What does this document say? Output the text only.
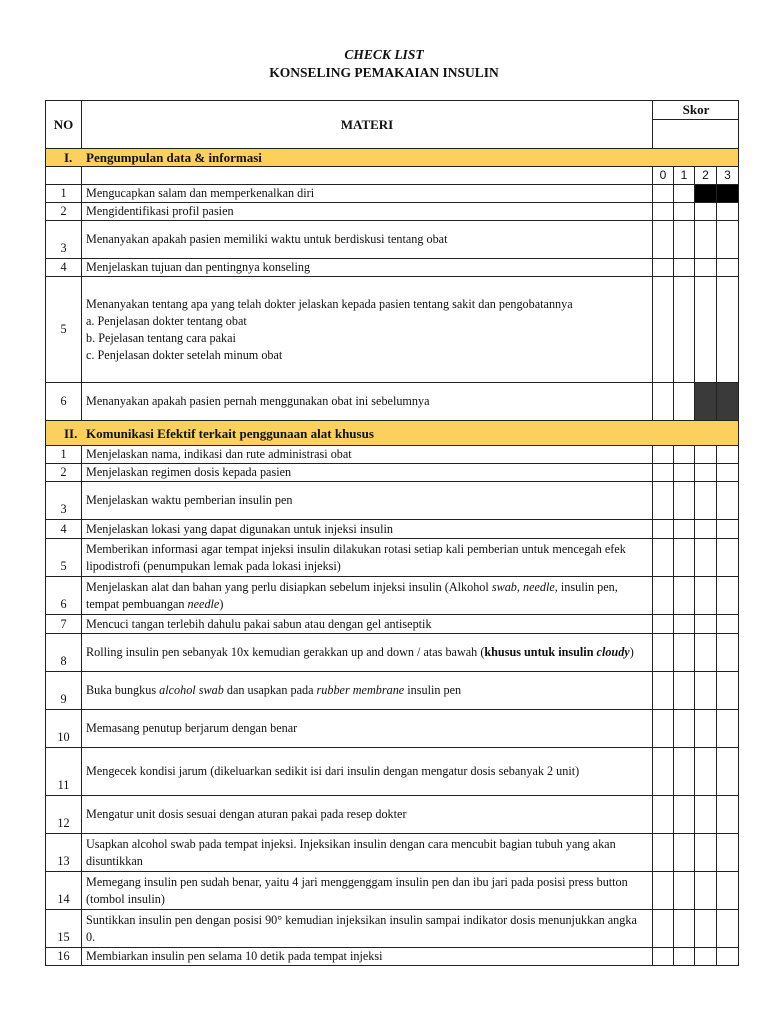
CHECK LIST
KONSELING PEMAKAIAN INSULIN
NO	MATERI	Skor			

I. Pengumpulan data & informasi					
		0	1	2	3
1	Mengucapkan salam dan memperkenalkan diri				
2	Mengidentifikasi profil pasien				
3	Menanyakan apakah pasien memiliki waktu untuk berdiskusi tentang obat				
4	Menjelaskan tujuan dan pentingnya konseling				
5	Menanyakan tentang apa yang telah dokter jelaskan kepada pasien tentang sakit dan pengobatannya
a. Penjelasan dokter tentang obat
b. Pejelasan tentang cara pakai
c. Penjelasan dokter setelah minum obat				

6	Menanyakan apakah pasien pernah menggunakan obat ini sebelumnya				
II. Komunikasi Efektif terkait penggunaan alat khusus					
1	Menjelaskan nama, indikasi dan rute administrasi obat				
2	Menjelaskan regimen dosis kepada pasien				
3	Menjelaskan waktu pemberian insulin pen				
4	Menjelaskan lokasi yang dapat digunakan untuk injeksi insulin				
5	Memberikan informasi agar tempat injeksi insulin dilakukan rotasi setiap kali pemberian untuk mencegah efek lipodistrofi (penumpukan lemak pada lokasi injeksi)				
6	Menjelaskan alat dan bahan yang perlu disiapkan sebelum injeksi insulin (Alkohol swab, needle, insulin pen, tempat pembuangan needle)				
7	Mencuci tangan terlebih dahulu pakai sabun atau dengan gel antiseptik				
8	Rolling insulin pen sebanyak 10x kemudian gerakkan up and down / atas bawah (khusus untuk insulin cloudy)				
9	Buka bungkus alcohol swab dan usapkan pada rubber membrane insulin pen				
10	Memasang penutup berjarum dengan benar				
11	Mengecek kondisi jarum (dikeluarkan sedikit isi dari insulin dengan mengatur dosis sebanyak 2 unit)				
12	Mengatur unit dosis sesuai dengan aturan pakai pada resep dokter				
13	Usapkan alcohol swab pada tempat injeksi. Injeksikan insulin dengan cara mencubit bagian tubuh yang akan disuntikkan				
14	Memegang insulin pen sudah benar, yaitu 4 jari menggenggam insulin pen dan ibu jari pada posisi press button (tombol insulin)				
15	Suntikkan insulin pen dengan posisi 90° kemudian injeksikan insulin sampai indikator dosis menunjukkan angka 0.				
16	Membiarkan insulin pen selama 10 detik pada tempat injeksi				
